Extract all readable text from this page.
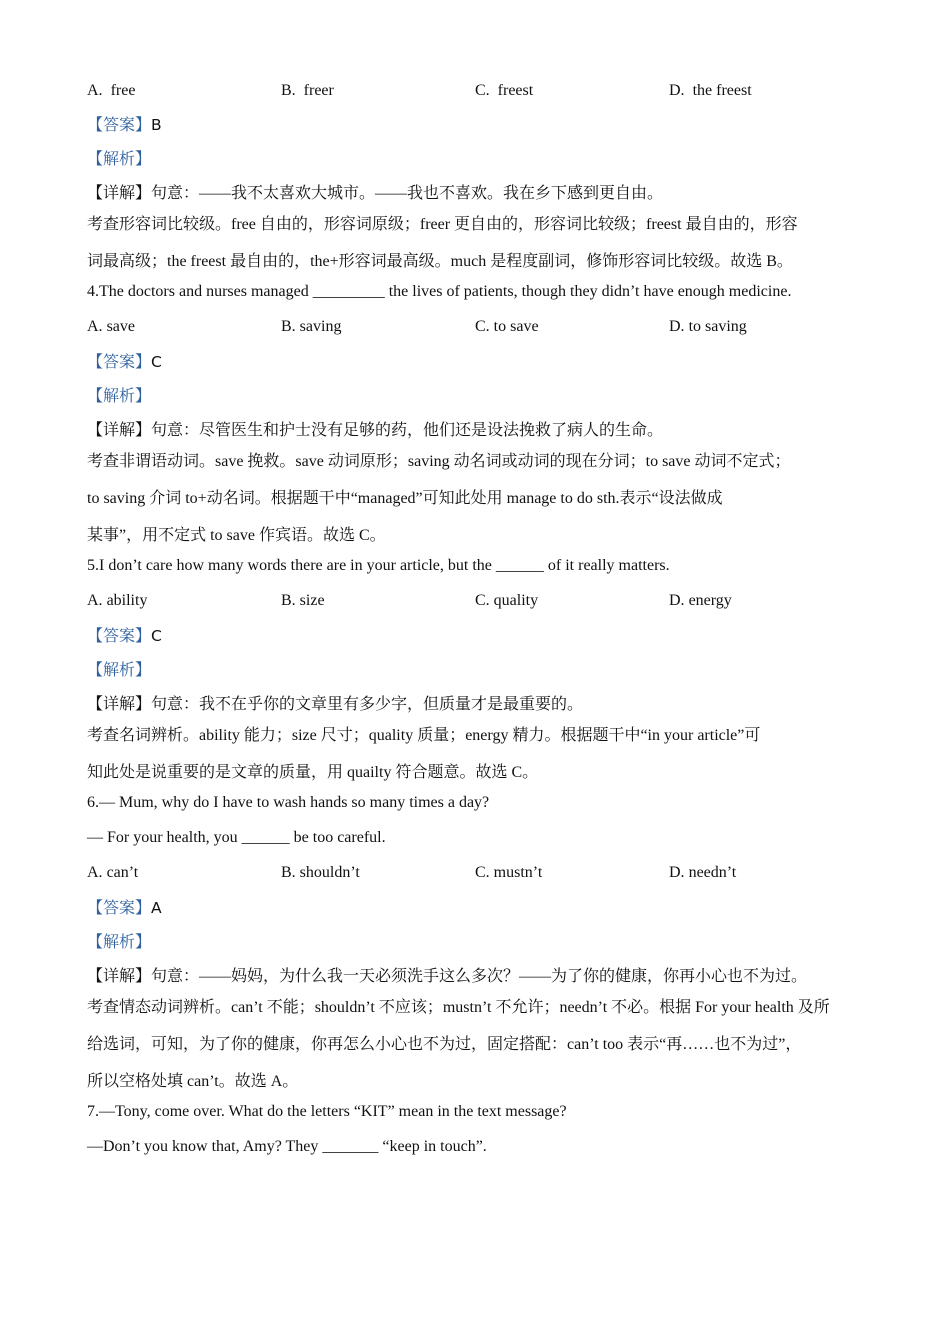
A. free	B. freer	C. freest	D. the freest

【答案】B

【解析】

【详解】句意：——我不太喜欢大城市。——我也不喜欢。我在乡下感到更自由。

考查形容词比较级。free 自由的，形容词原级；freer 更自由的，形容词比较级；freest 最自由的，形容

词最高级；the freest 最自由的，the+形容词最高级。much 是程度副词，修饰形容词比较级。故选 B。

4.The doctors and nurses managed _________ the lives of patients, though they didn’t have enough medicine.

A. save	B. saving	C. to save	D. to saving

【答案】C

【解析】

【详解】句意：尽管医生和护士没有足够的药，他们还是设法挽救了病人的生命。

考查非谓语动词。save 挽救。save 动词原形；saving 动名词或动词的现在分词；to save 动词不定式；

to saving 介词 to+动名词。根据题干中“managed”可知此处用 manage to do sth.表示“设法做成

某事”，用不定式 to save 作宾语。故选 C。

5.I don’t care how many words there are in your article, but the ______ of it really matters.

A. ability	B. size	C. quality	D. energy

【答案】C

【解析】

【详解】句意：我不在乎你的文章里有多少字，但质量才是最重要的。

考查名词辨析。ability 能力；size 尺寸；quality 质量；energy 精力。根据题干中“in your article”可

知此处是说重要的是文章的质量，用 quailty 符合题意。故选 C。

6.— Mum, why do I have to wash hands so many times a day?

— For your health, you ______ be too careful.

A. can’t	B. shouldn’t	C. mustn’t	D. needn’t

【答案】A

【解析】

【详解】句意：——妈妈，为什么我一天必须洗手这么多次？——为了你的健康，你再小心也不为过。

考查情态动词辨析。can’t 不能；shouldn’t 不应该；mustn’t 不允许；needn’t 不必。根据 For your health 及所

给选词，可知，为了你的健康，你再怎么小心也不为过，固定搭配：can’t too 表示“再……也不为过”，

所以空格处填 can’t。故选 A。

7.—Tony, come over. What do the letters “KIT” mean in the text message?

—Don’t you know that, Amy? They _______ “keep in touch”.
